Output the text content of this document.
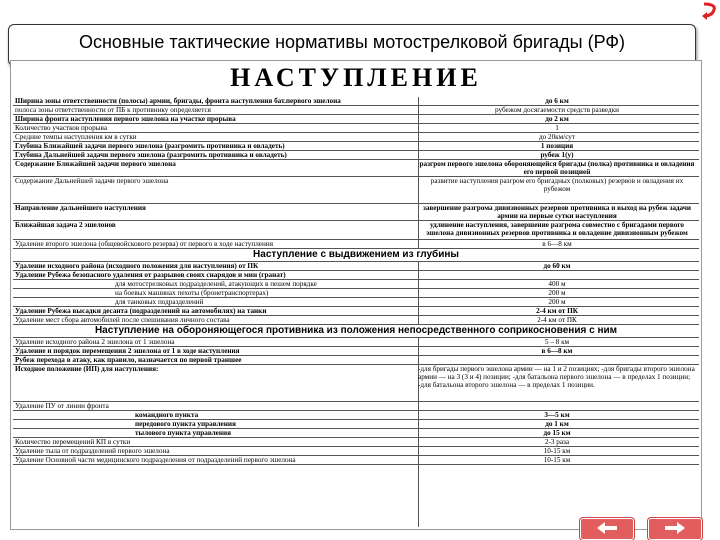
Основные тактические нормативы мотострелковой бригады (РФ)
НАСТУПЛЕНИЕ
Ширина зоны ответственности (полосы) армии, бригады, фронта наступления бат.первого эшелона	до 6 км
полоса зоны ответственности от ПБ к противнику определяется	рубежом досягаемости средств разведки
Ширина фронта наступления первого эшелона на участке прорыва	до 2 км
Количество участков прорыва	1
Средние темпы наступления км в сутки	до 20км/сут
Глубина Ближайшей задачи первого эшелона (разгромить противника и овладеть)	1 позиция
Глубина Дальнейшей задачи первого эшелона (разгромить противника и овладеть)	рубеж 1(у)
Содержание Ближайшей задачи первого эшелона	разгром первого эшелона обороняющейся бригады (полка) противника и овладения его первой позицией
Содержание Дальнейшей задачи первого эшелона	развитие наступления разгром его бригадных (полковых) резервов и овладения их рубежом
Направление дальнейшего наступления	завершение разгрома дивизионных резервов противника и выход на рубеж задачи армии на первые сутки наступления
Ближайшая задача 2 эшелонов	удлинение наступления, завершение разгрома совместно с бригадами первого эшелона дивизионных резервов противника и овладение дивизионным рубежом
Удаление второго эшелона (общевойскового резерва) от первого в ходе наступления	в 6—8 км
Наступление с выдвижением из глубины
Удаление исходного района (исходного положения для наступления) от ПК	до 60 км
Удаление Рубежа безопасного удаления от разрывов своих снарядов и мин (гранат)
для мотострелковых подразделений, атакующих в пешем порядке	400 м
на боевых машинах пехоты (бронетранспортерах)	200 м
для танковых подразделений	200 м
Удаление Рубежа высадки десанта (подразделений на автомобилях) на танки	2-4 км от ПК
Удаление мест сбора автомобилей после спешивания личного состава	2-4 км от ПК
Наступление на обороняющегося противника из положения непосредственного соприкосновения с ним
Удаление исходного района 2 эшелона от 1 эшелона	5 – 8 км
Удаление и порядок перемещения 2 эшелона от 1 в ходе наступления	в 6—8 км
Рубеж перехода в атаку, как правило, назначается по первой траншее
Исходное положение (ИП) для наступления:	-для бригады первого эшелона армии — на 1 и 2 позициях; -для бригады второго эшелона армии — на 3 (3 и 4) позиции; -для батальона первого эшелона — в пределах 1 позиции; -для батальона второго эшелона — в пределах 1 позиции.
Удаление ПУ от линии фронта
командного пункта	3—5 км
передового пункта управления	до 1 км
тылового пункта управления	до 15 км
Количество перемещений КП в сутки	2-3 раза
Удаление тыла от подразделений первого эшелона	10-15 км
Удаление Основной части медицинского подразделения от подразделений первого эшелона	10-15 км
